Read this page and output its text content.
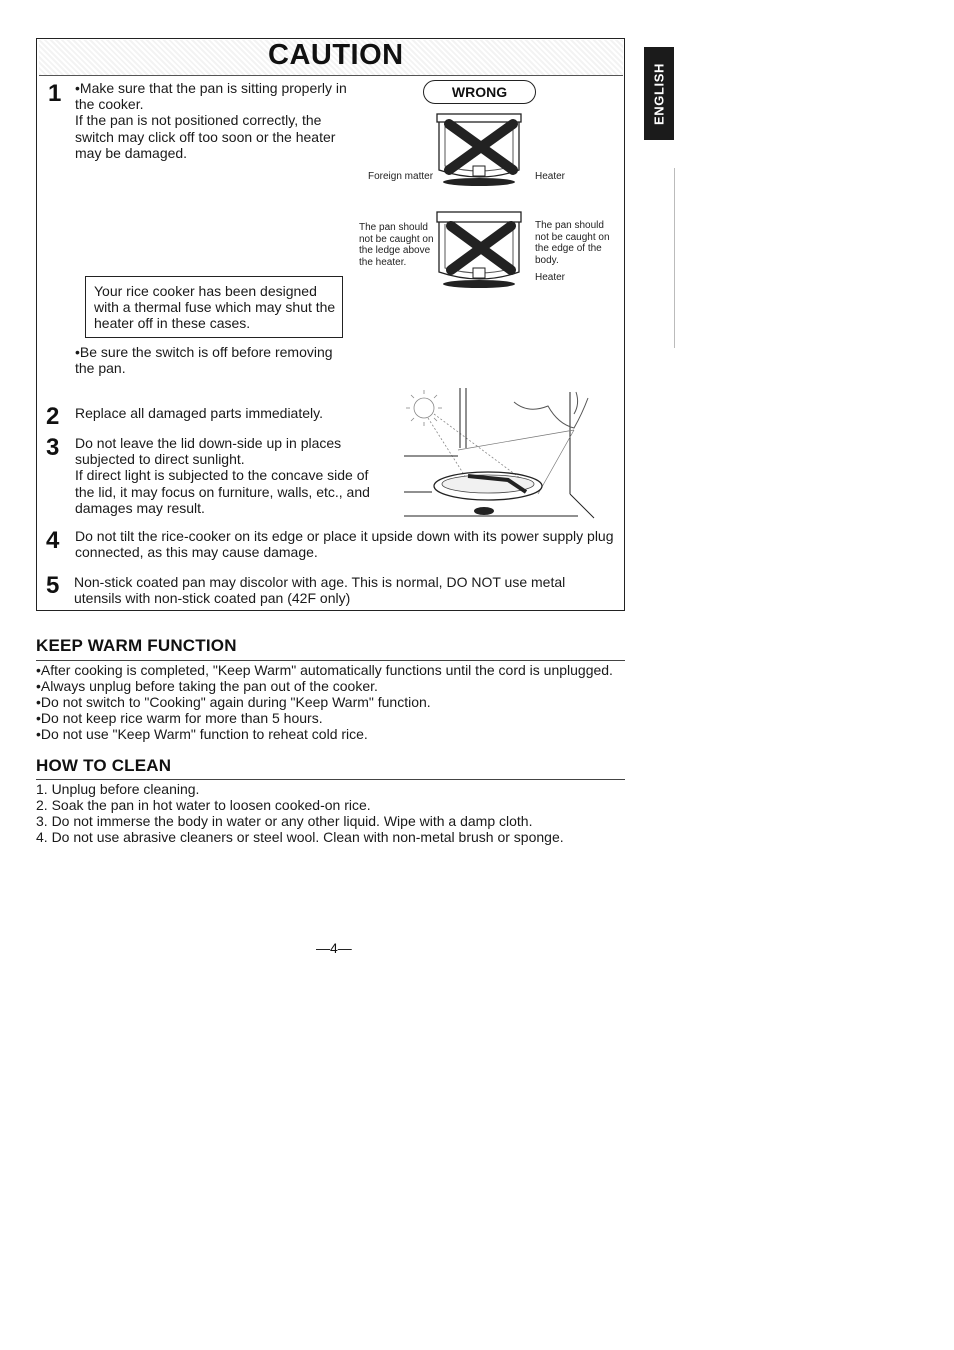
ENGLISH
CAUTION
1 •Make sure that the pan is sitting properly in
the cooker.
If the pan is not positioned correctly, the
switch may click off too soon or the heater
may be damaged.
WRONG
Foreign matter	Heater
The pan should
not be caught on
the ledge above
the heater.
The pan should
not be caught on
the edge of the
body.
Heater
Your rice cooker has been designed
with a thermal fuse which may shut the
heater off in these cases.
•Be sure the switch is off before removing
the pan.
2 Replace all damaged parts immediately.
3 Do not leave the lid down-side up in places
subjected to direct sunlight.
If direct light is subjected to the concave side of
the lid, it may focus on furniture, walls, etc., and
damages may result.
4 Do not tilt the rice-cooker on its edge or place it upside down with its power supply plug
connected, as this may cause damage.
5 Non-stick coated pan may discolor with age. This is normal, DO NOT use metal
utensils with non-stick coated pan (42F only)
KEEP WARM FUNCTION
•After cooking is completed, "Keep Warm" automatically functions until the cord is unplugged.
•Always unplug before taking the pan out of the cooker.
•Do not switch to "Cooking" again during "Keep Warm" function.
•Do not keep rice warm for more than 5 hours.
•Do not use "Keep Warm" function to reheat cold rice.
HOW TO CLEAN
1. Unplug before cleaning.
2. Soak the pan in hot water to loosen cooked-on rice.
3. Do not immerse the body in water or any other liquid. Wipe with a damp cloth.
4. Do not use abrasive cleaners or steel wool. Clean with non-metal brush or sponge.
—4—
